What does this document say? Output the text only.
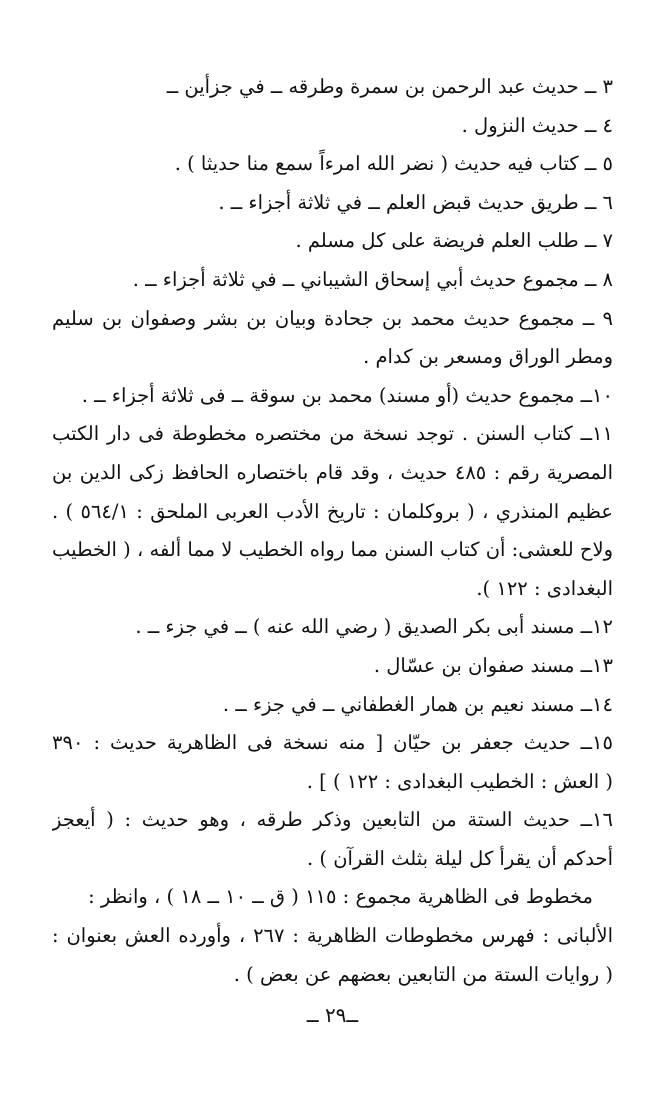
٣ ــ حديث عبد الرحمن بن سمرة وطرقه ــ في جزأين ــ
٤ ــ حديث النزول .
٥ ــ كتاب فيه حديث ( نضر الله امرءاً سمع منا حديثا ) .
٦ ــ طريق حديث قبض العلم ــ في ثلاثة أجزاء ــ .
٧ ــ طلب العلم فريضة على كل مسلم .
٨ ــ مجموع حديث أبي إسحاق الشيباني ــ في ثلاثة أجزاء ــ .
٩ ــ مجموع حديث محمد بن جحادة وبيان بن بشر وصفوان بن سليم
ومطر الوراق ومسعر بن كدام .
١٠ــ مجموع حديث (أو مسند) محمد بن سوقة ــ فى ثلاثة أجزاء ــ .
١١ــ كتاب السنن . توجد نسخة من مختصره مخطوطة فى دار الكتب
المصرية رقم : ٤٨٥ حديث ، وقد قام باختصاره الحافظ زكى الدين بن
عظيم المنذري ، ( بروكلمان : تاريخ الأدب العربى الملحق : ٥٦٤/١ ) .
ولاح للعشى: أن كتاب السنن مما رواه الخطيب لا مما ألفه ، ( الخطيب
البغدادى : ١٢٢ ).
١٢ــ مسند أبى بكر الصديق ( رضي الله عنه ) ــ في جزء ــ .
١٣ــ مسند صفوان بن عسّال .
١٤ــ مسند نعيم بن همار الغطفاني ــ في جزء ــ .
١٥ــ حديث جعفر بن حيّان [ منه نسخة فى الظاهرية حديث : ٣٩٠
( العش : الخطيب البغدادى : ١٢٢ ) ] .
١٦ــ حديث الستة من التابعين وذكر طرقه ، وهو حديث : ( أيعجز
أحدكم أن يقرأ كل ليلة بثلث القرآن ) .
مخطوط فى الظاهرية مجموع : ١١٥ ( ق ــ ١٠ ــ ١٨ ) ، وانظر :
الألبانى : فهرس مخطوطات الظاهرية : ٢٦٧ ، وأورده العش بعنوان :
( روايات الستة من التابعين بعضهم عن بعض ) .
ــ٢٩ ــ
